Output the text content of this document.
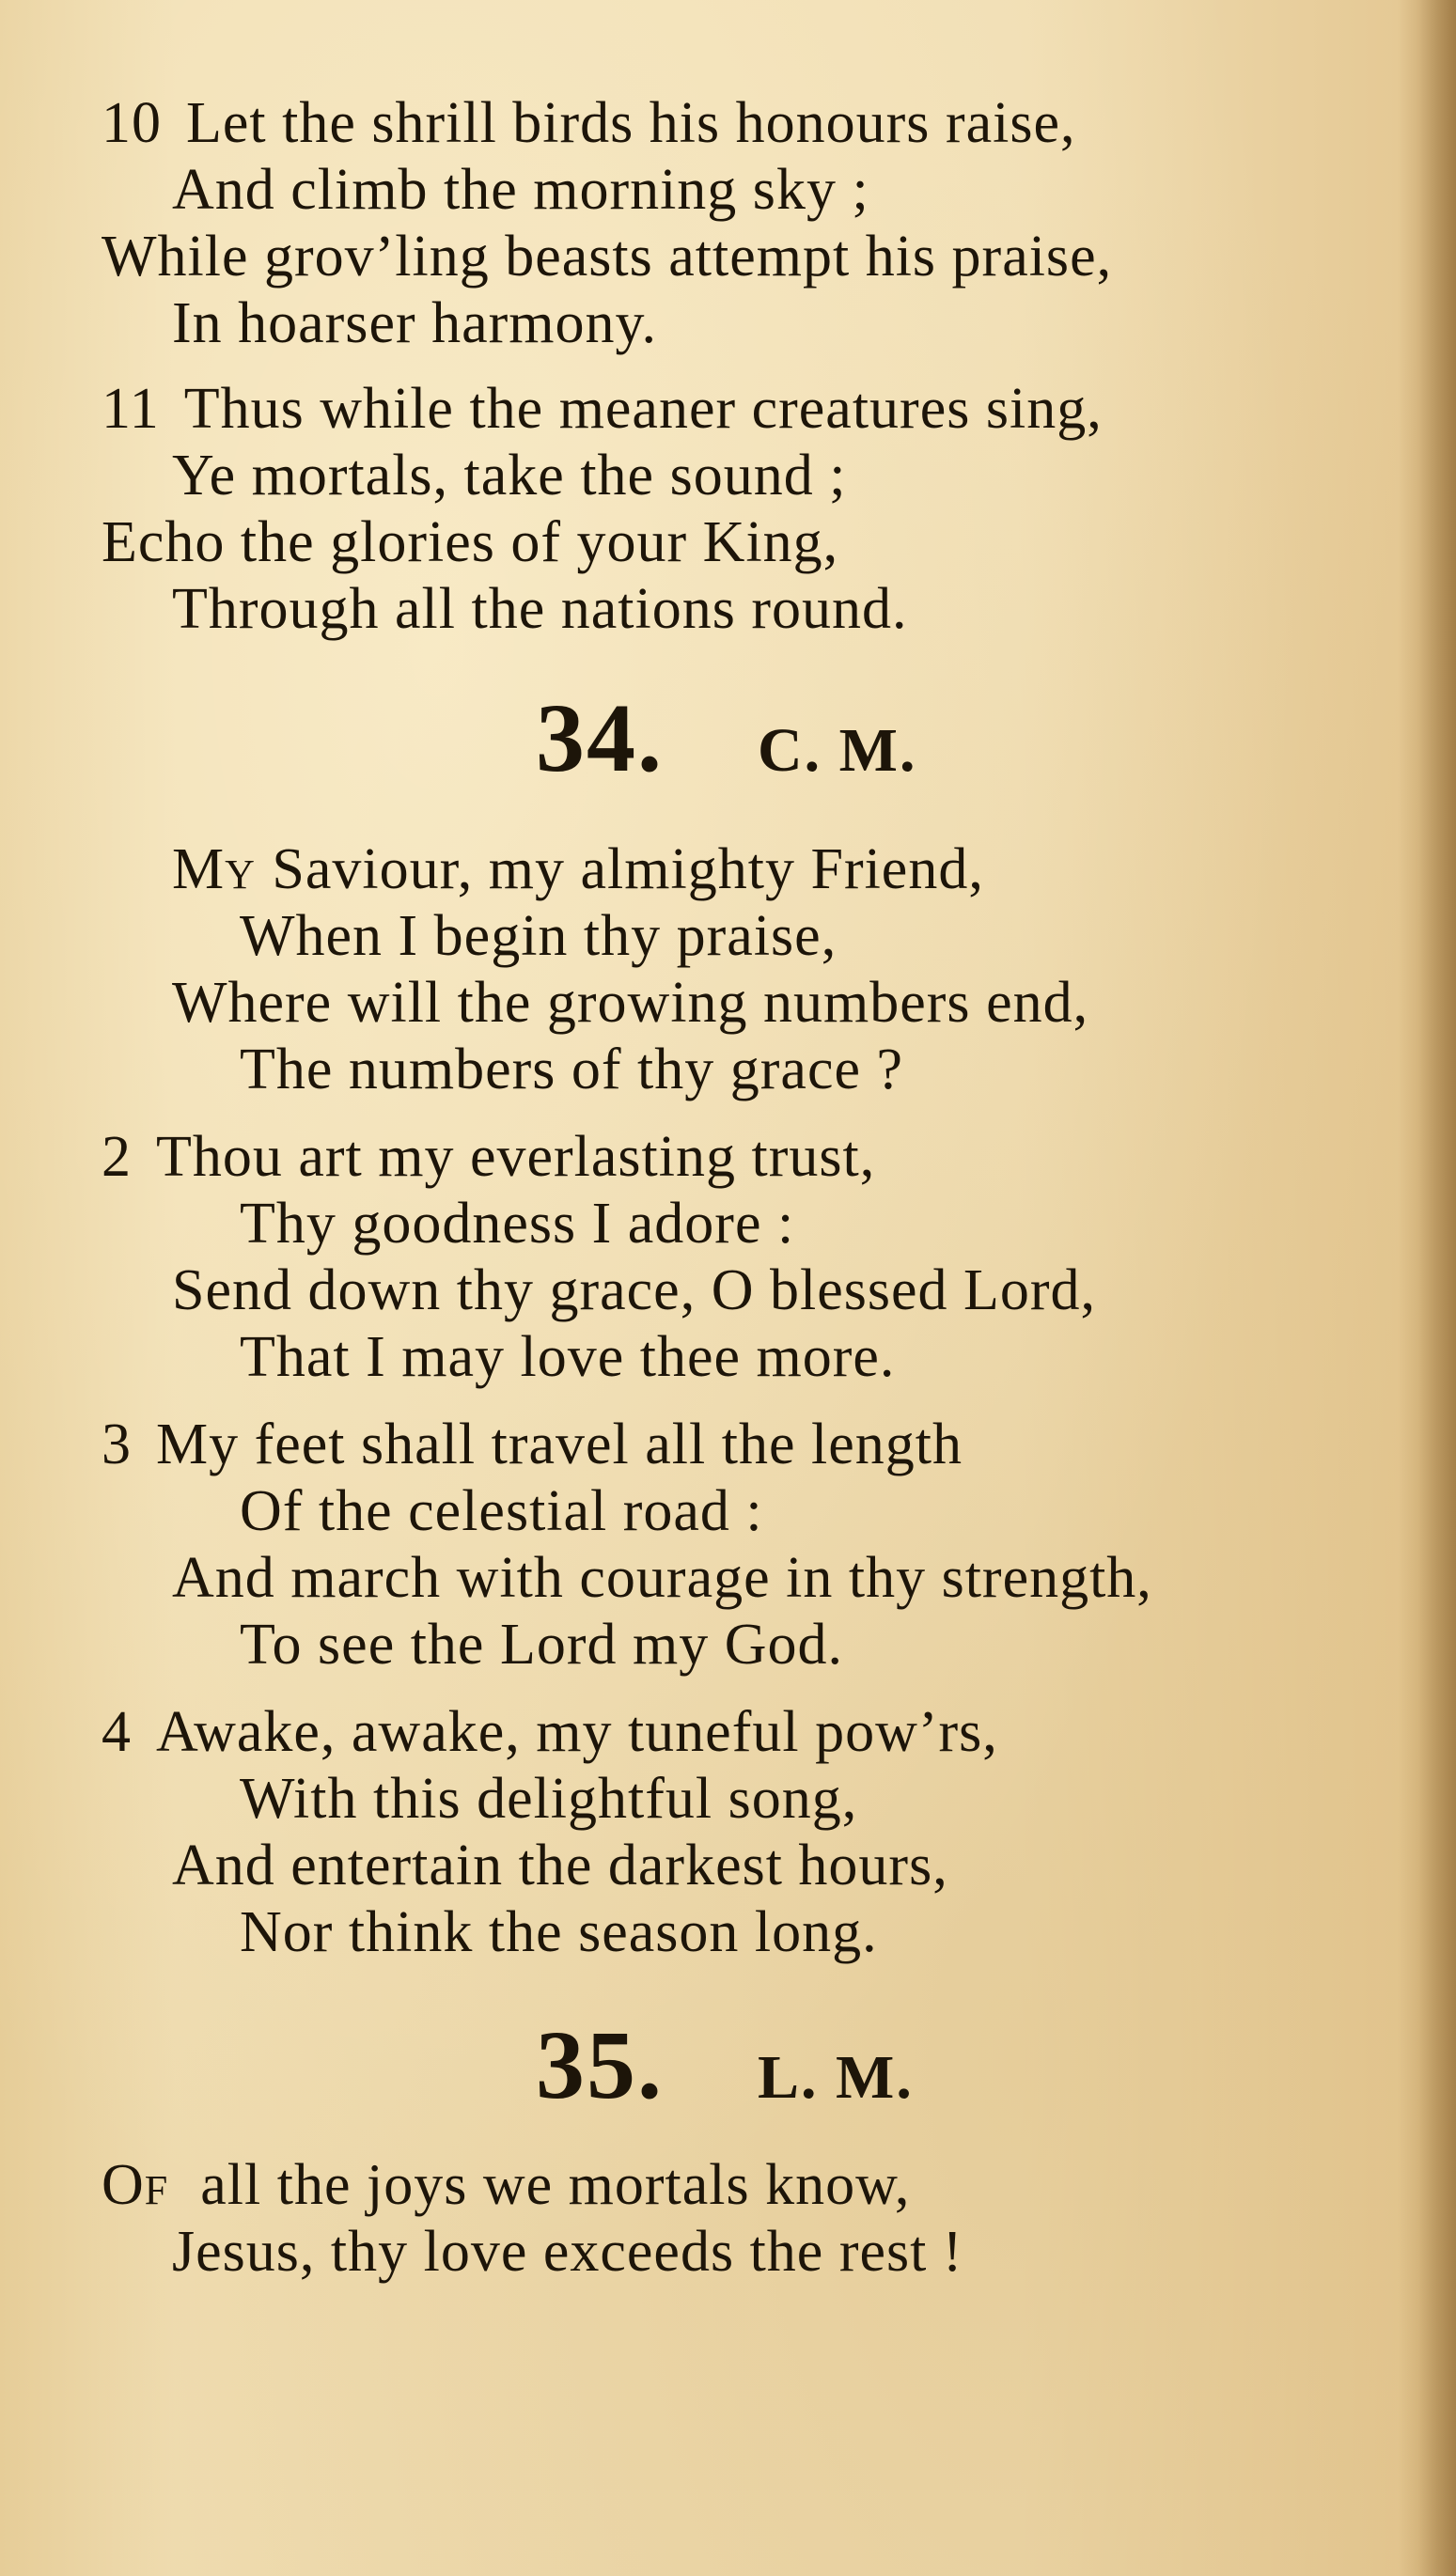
10 Let the shrill birds his honours raise,
And climb the morning sky ;
While grov’ling beasts attempt his praise,
In hoarser harmony.
11 Thus while the meaner creatures sing,
Ye mortals, take the sound ;
Echo the glories of your King,
Through all the nations round.
34. C. M.
MY Saviour, my almighty Friend,
When I begin thy praise,
Where will the growing numbers end,
The numbers of thy grace ?
2 Thou art my everlasting trust,
Thy goodness I adore :
Send down thy grace, O blessed Lord,
That I may love thee more.
3 My feet shall travel all the length
Of the celestial road :
And march with courage in thy strength,
To see the Lord my God.
4 Awake, awake, my tuneful pow’rs,
With this delightful song,
And entertain the darkest hours,
Nor think the season long.
35. L. M.
OF  all the joys we mortals know,
Jesus, thy love exceeds the rest !
